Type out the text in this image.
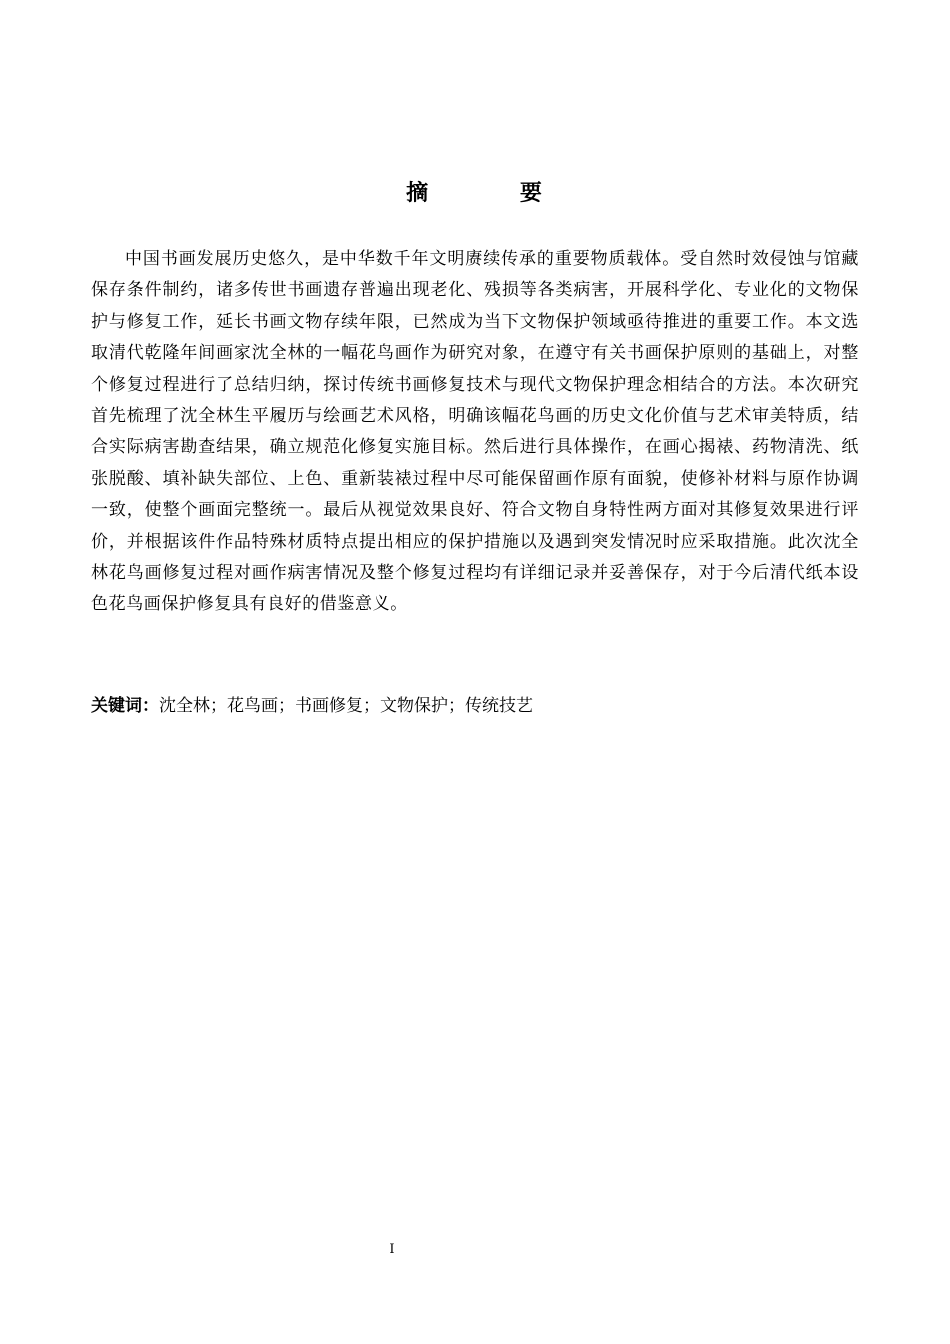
摘 要

中国书画发展历史悠久，是中华数千年文明赓续传承的重要物质载体。受自然时效侵蚀与馆藏保存条件制约，诸多传世书画遗存普遍出现老化、残损等各类病害，开展科学化、专业化的文物保护与修复工作，延长书画文物存续年限，已然成为当下文物保护领域亟待推进的重要工作。本文选取清代乾隆年间画家沈全林的一幅花鸟画作为研究对象，在遵守有关书画保护原则的基础上，对整个修复过程进行了总结归纳，探讨传统书画修复技术与现代文物保护理念相结合的方法。本次研究首先梳理了沈全林生平履历与绘画艺术风格，明确该幅花鸟画的历史文化价值与艺术审美特质，结合实际病害勘查结果，确立规范化修复实施目标。然后进行具体操作，在画心揭裱、药物清洗、纸张脱酸、填补缺失部位、上色、重新装裱过程中尽可能保留画作原有面貌，使修补材料与原作协调一致，使整个画面完整统一。最后从视觉效果良好、符合文物自身特性两方面对其修复效果进行评价，并根据该件作品特殊材质特点提出相应的保护措施以及遇到突发情况时应采取措施。此次沈全林花鸟画修复过程对画作病害情况及整个修复过程均有详细记录并妥善保存，对于今后清代纸本设色花鸟画保护修复具有良好的借鉴意义。

关键词：沈全林；花鸟画；书画修复；文物保护；传统技艺

I
